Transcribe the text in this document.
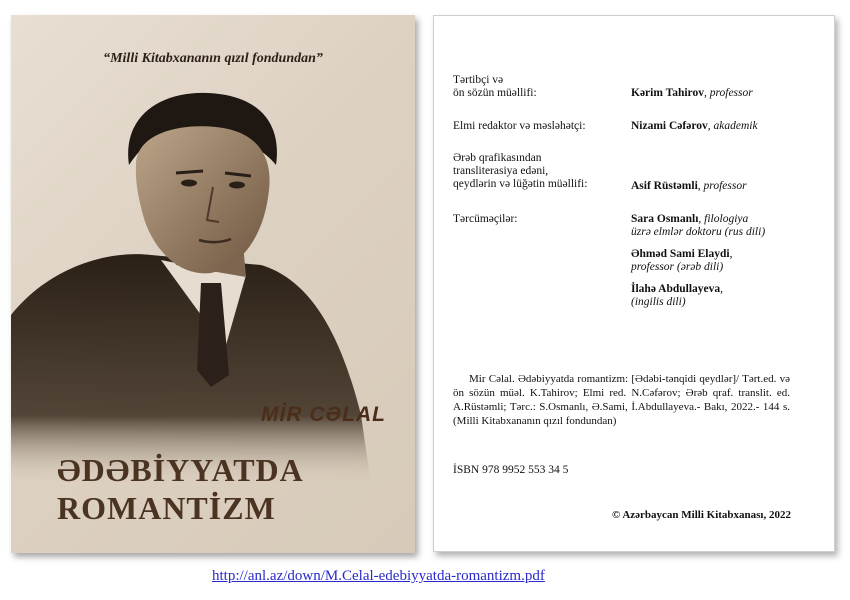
“Milli Kitabxananın qızıl fondundan”
MİR CƏLAL
ƏDƏBİYYATDA
ROMANTİZM
Tərtibçi və
ön sözün müəllifi:	Kərim Tahirov, professor
Elmi redaktor və məsləhətçi:	Nizami Cəfərov, akademik
Ərəb qrafikasından
transliterasiya edəni,
qeydlərin və lüğətin müəllifi:	Asif Rüstəmli, professor
Tərcüməçilər:	Sara Osmanlı, filologiya
üzrə elmlər doktoru (rus dili)
Əhməd Sami Elaydi,
professor (ərəb dili)
İlahə Abdullayeva,
(ingilis dili)
Mir Cəlal. Ədəbiyyatda romantizm: [Ədəbi-tənqidi qeydlər]/ Tərt.ed. və ön sözün müəl. K.Tahirov; Elmi red. N.Cəfərov; Ərəb qraf. translit. ed. A.Rüstəmli; Tərc.: S.Osmanlı, Ə.Sami, İ.Abdullayeva.- Bakı, 2022.- 144 s. (Milli Kitabxananın qızıl fondundan)
İSBN 978 9952 553 34 5
© Azərbaycan Milli Kitabxanası, 2022
http://anl.az/down/M.Celal-edebiyyatda-romantizm.pdf
